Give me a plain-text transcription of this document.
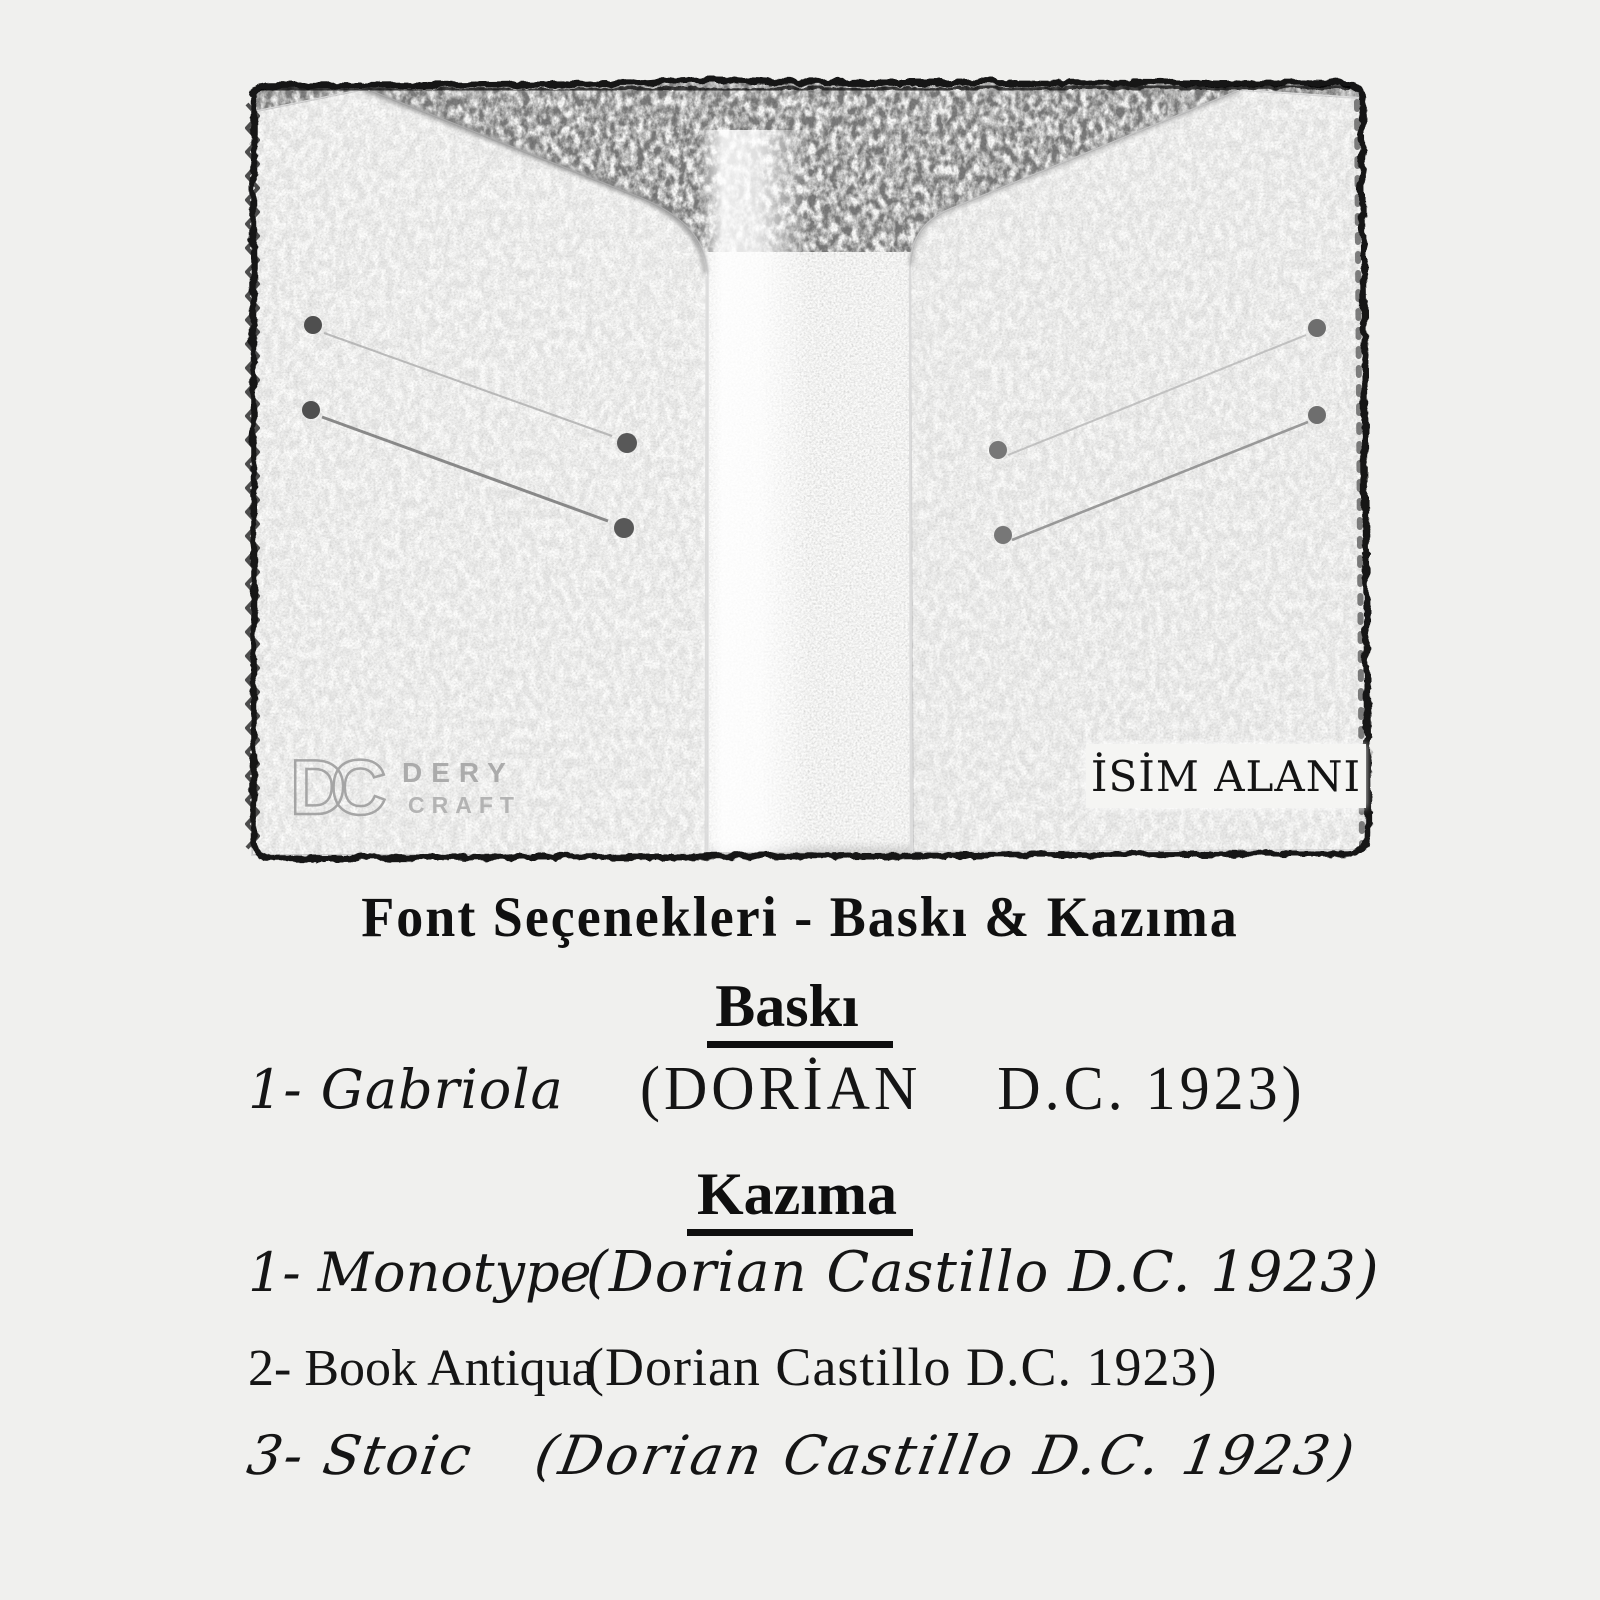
DC	DERY
CRAFT
İSİM ALANI
Font Seçenekleri - Baskı & Kazıma
Baskı
1- Gabriola	(DORİAN    D.C. 1923)
Kazıma
1- Monotype
(Dorian Castillo D.C. 1923)
2- Book Antiqua
(Dorian Castillo D.C. 1923)
3- Stoic (Dorian Castillo D.C. 1923)
